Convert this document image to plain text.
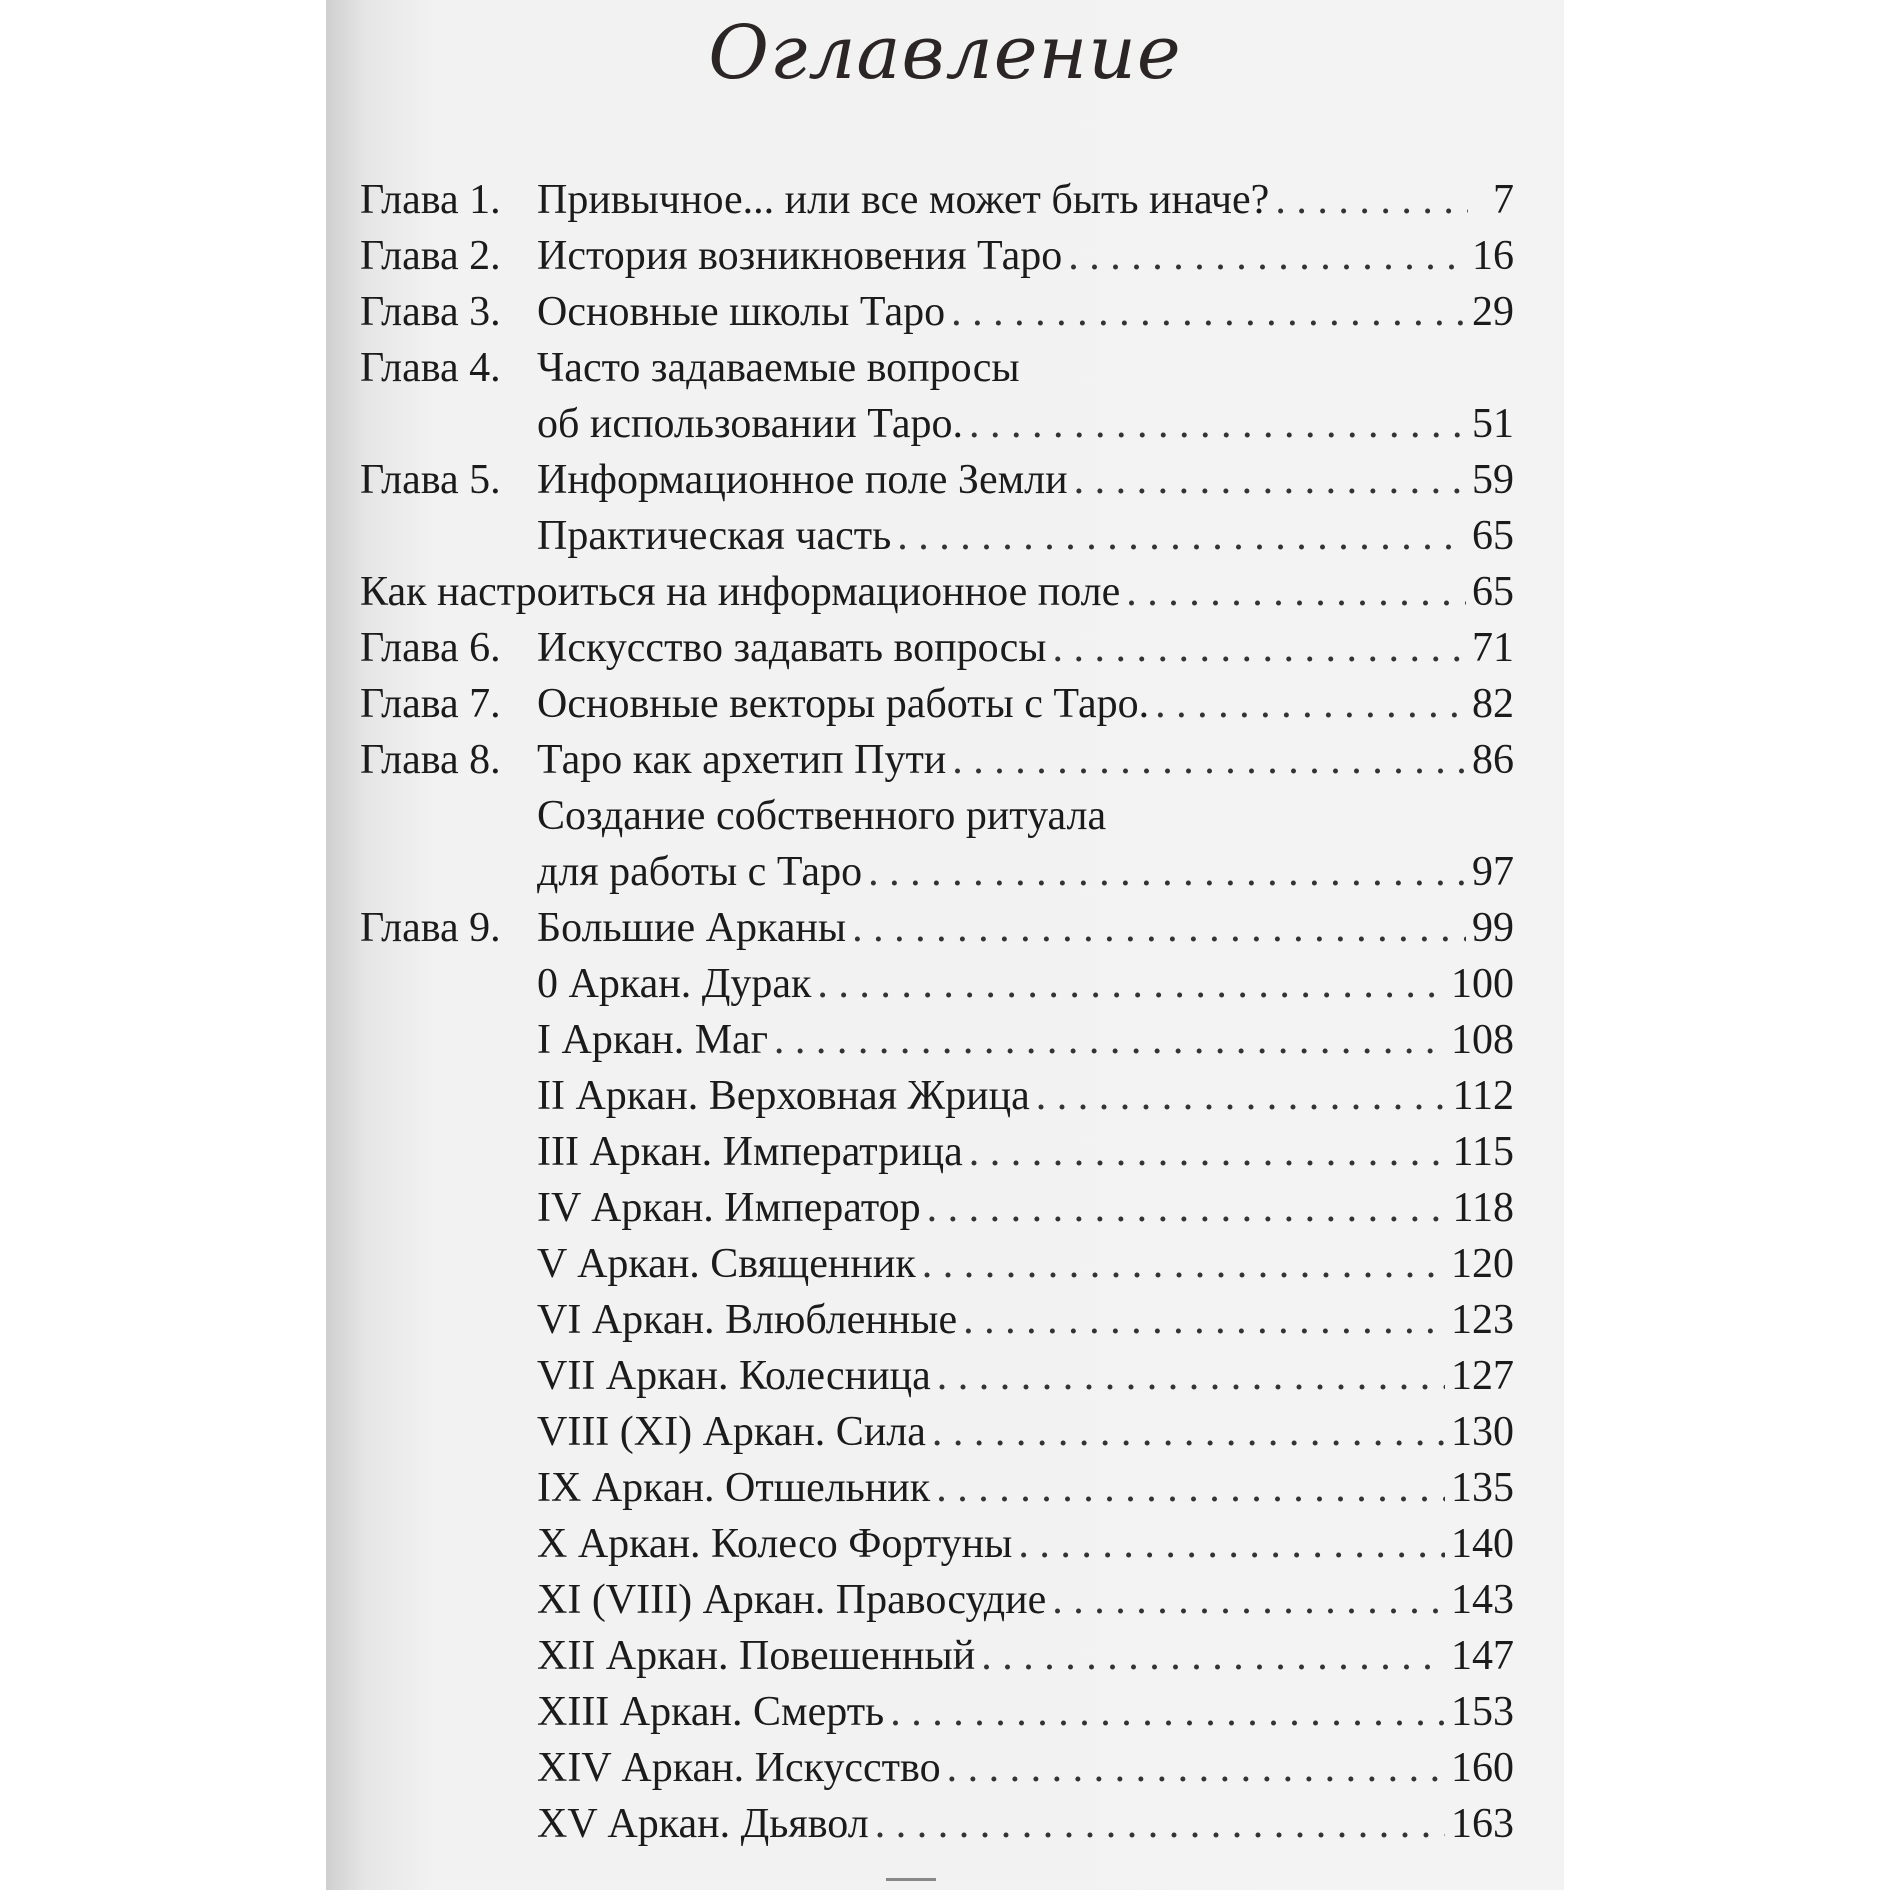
Оглавление
Глава 1. Привычное... или все может быть иначе? . . .	7
Глава 2. История возникновения Таро . . .	16
Глава 3. Основные школы Таро . . .	29
Глава 4. Часто задаваемые вопросы
об использовании Таро. . . .	51
Глава 5. Информационное поле Земли . . .	59
Практическая часть . . .	65
Как настроиться на информационное поле . . .	65
Глава 6. Искусство задавать вопросы . . .	71
Глава 7. Основные векторы работы с Таро. . . .	82
Глава 8. Таро как архетип Пути . . .	86
Создание собственного ритуала
для работы с Таро . . .	97
Глава 9. Большие Арканы . . .	99
0 Аркан. Дурак . . .	100
I Аркан. Маг . . .	108
II Аркан. Верховная Жрица . . .	112
III Аркан. Императрица . . .	115
IV Аркан. Император . . .	118
V Аркан. Священник . . .	120
VI Аркан. Влюбленные . . .	123
VII Аркан. Колесница . . .	127
VIII (XI) Аркан. Сила . . .	130
IX Аркан. Отшельник . . .	135
X Аркан. Колесо Фортуны . . .	140
XI (VIII) Аркан. Правосудие . . .	143
XII Аркан. Повешенный . . .	147
XIII Аркан. Смерть . . .	153
XIV Аркан. Искусство . . .	160
XV Аркан. Дьявол . . .	163
